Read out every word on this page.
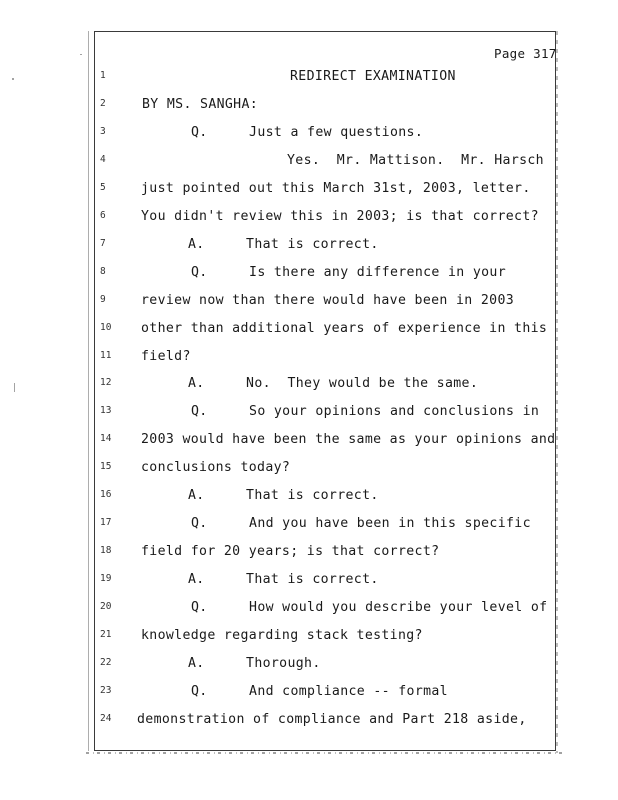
Page 317
1	REDIRECT EXAMINATION
2	BY MS. SANGHA:
3	Q.     Just a few questions.
4	Yes.  Mr. Mattison.  Mr. Harsch
5	just pointed out this March 31st, 2003, letter.
6	You didn't review this in 2003; is that correct?
7	A.     That is correct.
8	Q.     Is there any difference in your
9	review now than there would have been in 2003
10	other than additional years of experience in this
11	field?
12	A.     No.  They would be the same.
13	Q.     So your opinions and conclusions in
14	2003 would have been the same as your opinions and
15	conclusions today?
16	A.     That is correct.
17	Q.     And you have been in this specific
18	field for 20 years; is that correct?
19	A.     That is correct.
20	Q.     How would you describe your level of
21	knowledge regarding stack testing?
22	A.     Thorough.
23	Q.     And compliance -- formal
24	demonstration of compliance and Part 218 aside,
